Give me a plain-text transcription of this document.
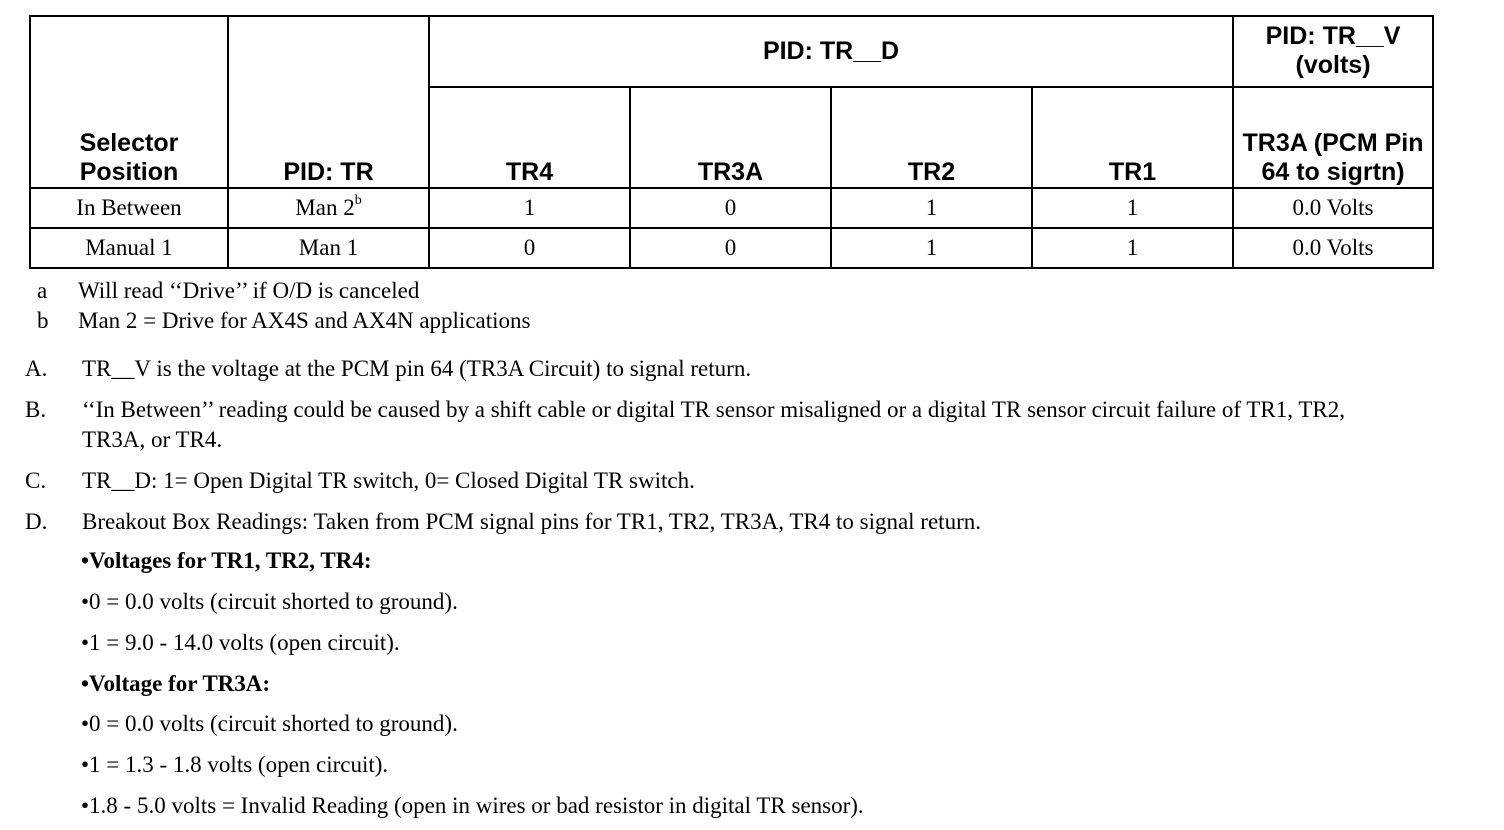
Selector Position	PID: TR	PID: TR__D				PID: TR__V (volts)
		TR4	TR3A	TR2	TR1	TR3A (PCM Pin 64 to sigrtn)
In Between	Man 2$^b$	1	0	1	1	0.0 Volts
Manual 1	Man 1	0	0	1	1	0.0 Volts
a Will read ‘‘Drive’’ if O/D is canceled
b Man 2 = Drive for AX4S and AX4N applications
A. TR__V is the voltage at the PCM pin 64 (TR3A Circuit) to signal return.
B. ‘‘In Between’’ reading could be caused by a shift cable or digital TR sensor misaligned or a digital TR sensor circuit failure of TR1, TR2, TR3A, or TR4.
C. TR__D: 1= Open Digital TR switch, 0= Closed Digital TR switch.
D. Breakout Box Readings: Taken from PCM signal pins for TR1, TR2, TR3A, TR4 to signal return.
•Voltages for TR1, TR2, TR4:
•0 = 0.0 volts (circuit shorted to ground).
•1 = 9.0 - 14.0 volts (open circuit).
•Voltage for TR3A:
•0 = 0.0 volts (circuit shorted to ground).
•1 = 1.3 - 1.8 volts (open circuit).
•1.8 - 5.0 volts = Invalid Reading (open in wires or bad resistor in digital TR sensor).
